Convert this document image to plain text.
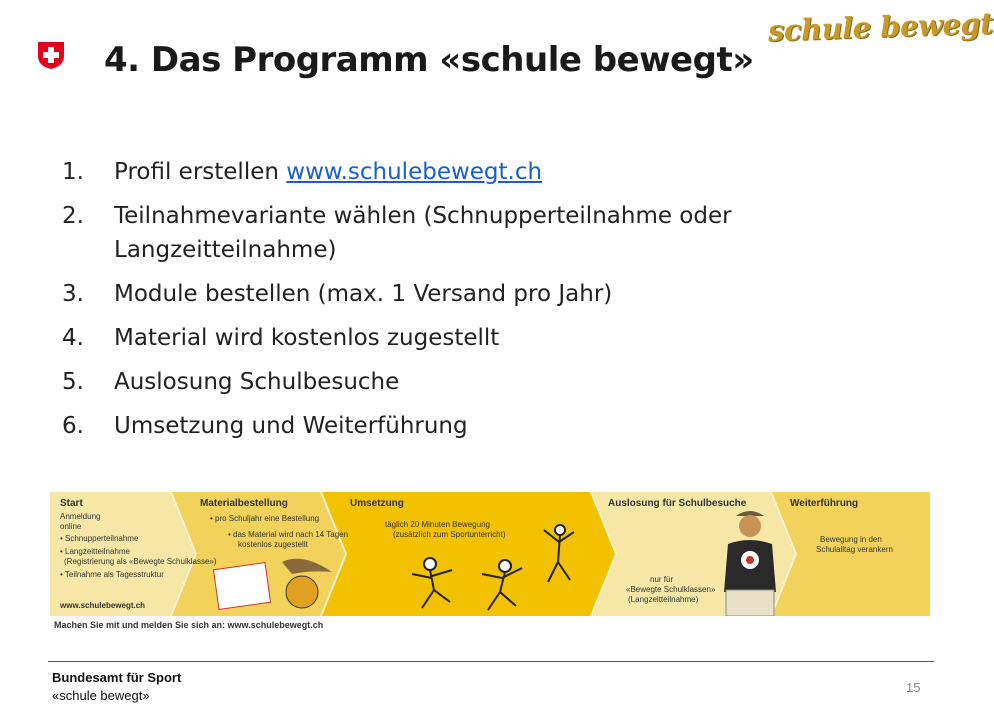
4. Das Programm «schule bewegt»
schule bewegt
1.	Profil erstellen www.schulebewegt.ch
2.	Teilnahmevariante wählen (Schnupperteilnahme oder Langzeitteilnahme)
3.	Module bestellen (max. 1 Versand pro Jahr)
4.	Material wird kostenlos zugestellt
5.	Auslosung Schulbesuche
6.	Umsetzung und Weiterführung
Start
Anmeldung
online
• Schnupperteilnahme
• Langzeitteilnahme
(Registrierung als «Bewegte Schulklasse»)
• Teilnahme als Tagesstruktur
www.schulebewegt.ch
Materialbestellung
• pro Schuljahr eine Bestellung
• das Material wird nach 14 Tagen
kostenlos zugestellt
Umsetzung
täglich 20 Minuten Bewegung
(zusätzlich zum Sportunterricht)
Auslosung für Schulbesuche
nur für
«Bewegte Schulklassen»
(Langzeitteilnahme)
Weiterführung
Bewegung in den
Schulalltag verankern
Machen Sie mit und melden Sie sich an: www.schulebewegt.ch
Bundesamt für Sport
«schule bewegt»
15
